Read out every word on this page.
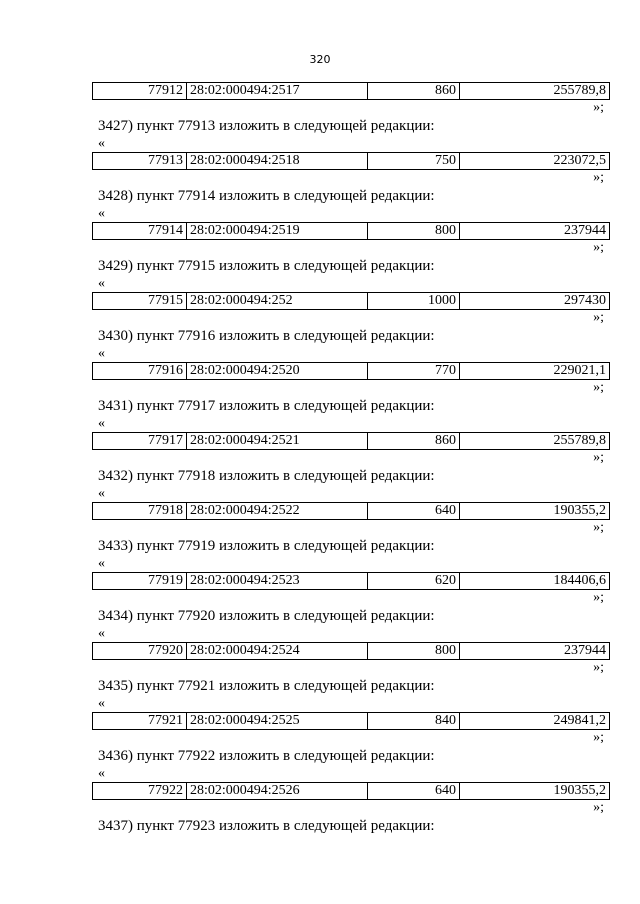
320
77912	28:02:000494:2517	860	255789,8
»;
3427) пункт 77913 изложить в следующей редакции:
«
77913	28:02:000494:2518	750	223072,5
»;
3428) пункт 77914 изложить в следующей редакции:
«
77914	28:02:000494:2519	800	237944
»;
3429) пункт 77915 изложить в следующей редакции:
«
77915	28:02:000494:252	1000	297430
»;
3430) пункт 77916 изложить в следующей редакции:
«
77916	28:02:000494:2520	770	229021,1
»;
3431) пункт 77917 изложить в следующей редакции:
«
77917	28:02:000494:2521	860	255789,8
»;
3432) пункт 77918 изложить в следующей редакции:
«
77918	28:02:000494:2522	640	190355,2
»;
3433) пункт 77919 изложить в следующей редакции:
«
77919	28:02:000494:2523	620	184406,6
»;
3434) пункт 77920 изложить в следующей редакции:
«
77920	28:02:000494:2524	800	237944
»;
3435) пункт 77921 изложить в следующей редакции:
«
77921	28:02:000494:2525	840	249841,2
»;
3436) пункт 77922 изложить в следующей редакции:
«
77922	28:02:000494:2526	640	190355,2
»;
3437) пункт 77923 изложить в следующей редакции:
